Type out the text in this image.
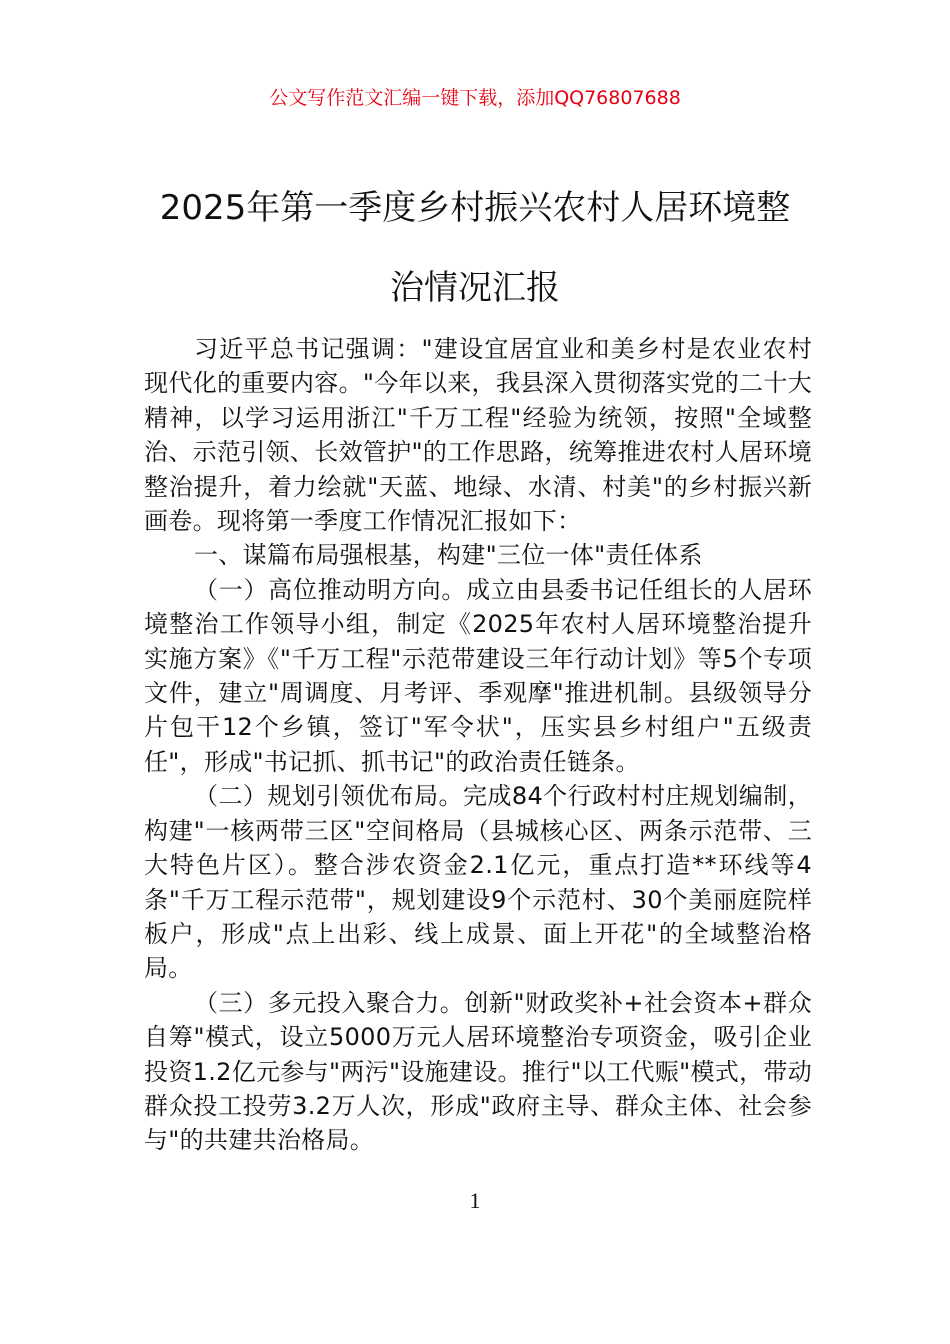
公文写作范文汇编一键下载，添加QQ76807688
2025年第一季度乡村振兴农村人居环境整
治情况汇报

习近平总书记强调："建设宜居宜业和美乡村是农业农村现代化的重要内容。"今年以来，我县深入贯彻落实党的二十大精神，以学习运用浙江"千万工程"经验为统领，按照"全域整治、示范引领、长效管护"的工作思路，统筹推进农村人居环境整治提升，着力绘就"天蓝、地绿、水清、村美"的乡村振兴新画卷。现将第一季度工作情况汇报如下：

一、谋篇布局强根基，构建"三位一体"责任体系

（一）高位推动明方向。成立由县委书记任组长的人居环境整治工作领导小组，制定《2025年农村人居环境整治提升实施方案》《"千万工程"示范带建设三年行动计划》等5个专项文件，建立"周调度、月考评、季观摩"推进机制。县级领导分片包干12个乡镇，签订"军令状"，压实县乡村组户"五级责任"，形成"书记抓、抓书记"的政治责任链条。

（二）规划引领优布局。完成84个行政村村庄规划编制，构建"一核两带三区"空间格局（县城核心区、两条示范带、三大特色片区）。整合涉农资金2.1亿元，重点打造**环线等4条"千万工程示范带"，规划建设9个示范村、30个美丽庭院样板户，形成"点上出彩、线上成景、面上开花"的全域整治格局。

（三）多元投入聚合力。创新"财政奖补+社会资本+群众自筹"模式，设立5000万元人居环境整治专项资金，吸引企业投资1.2亿元参与"两污"设施建设。推行"以工代赈"模式，带动群众投工投劳3.2万人次，形成"政府主导、群众主体、社会参与"的共建共治格局。

1
